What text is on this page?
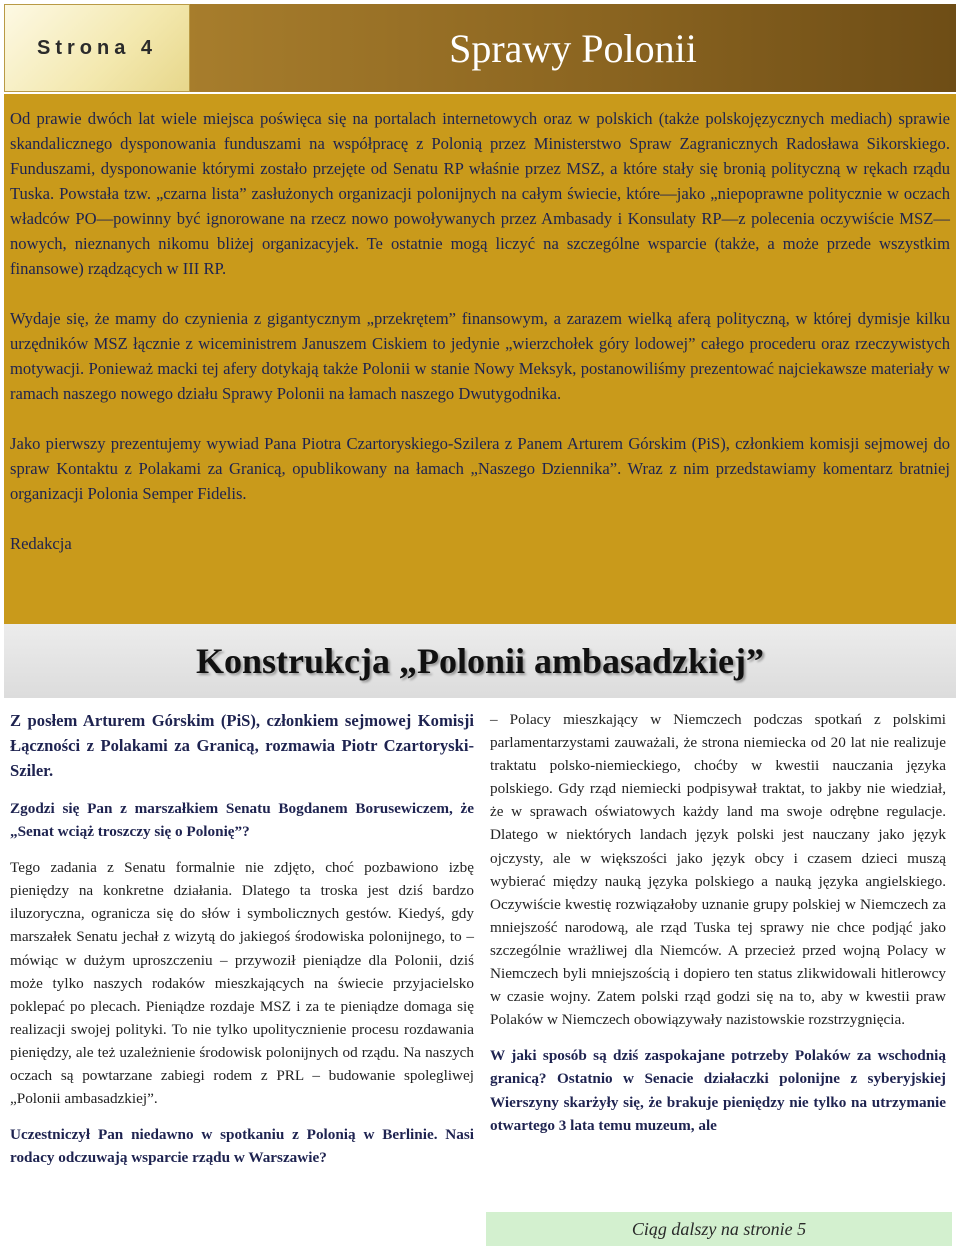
Strona 4	Sprawy Polonii

Od prawie dwóch lat wiele miejsca poświęca się na portalach internetowych oraz w polskich (także polskojęzycznych mediach) sprawie skandalicznego dysponowania funduszami na współpracę z Polonią przez Ministerstwo Spraw Zagranicznych Radosława Sikorskiego. Funduszami, dysponowanie którymi zostało przejęte od Senatu RP właśnie przez MSZ, a które stały się bronią polityczną w rękach rządu Tuska. Powstała tzw. „czarna lista” zasłużonych organizacji polonijnych na całym świecie, które—jako „niepoprawne politycznie w oczach władców PO—powinny być ignorowane na rzecz nowo powoływanych przez Ambasady i Konsulaty RP—z polecenia oczywiście MSZ—nowych, nieznanych nikomu bliżej organizacyjek. Te ostatnie mogą liczyć na szczególne wsparcie (także, a może przede wszystkim finansowe) rządzących w III RP.

Wydaje się, że mamy do czynienia z gigantycznym „przekrętem” finansowym, a zarazem wielką aferą polityczną, w której dymisje kilku urzędników MSZ łącznie z wiceministrem Januszem Ciskiem to jedynie „wierzchołek góry lodowej” całego procederu oraz rzeczywistych motywacji. Ponieważ macki tej afery dotykają także Polonii w stanie Nowy Meksyk, postanowiliśmy prezentować najciekawsze materiały w ramach naszego nowego działu Sprawy Polonii na łamach naszego Dwutygodnika.

Jako pierwszy prezentujemy wywiad Pana Piotra Czartoryskiego-Szilera z Panem Arturem Górskim (PiS), członkiem komisji sejmowej do spraw Kontaktu z Polakami za Granicą, opublikowany na łamach „Naszego Dziennika”. Wraz z nim przedstawiamy komentarz bratniej organizacji Polonia Semper Fidelis.

Redakcja

Konstrukcja „Polonii ambasadzkiej”

Z posłem Arturem Górskim (PiS), członkiem sejmowej Komisji Łączności z Polakami za Granicą, rozmawia Piotr Czartoryski-Sziler.

Zgodzi się Pan z marszałkiem Senatu Bogdanem Borusewiczem, że „Senat wciąż troszczy się o Polonię”?

Tego zadania z Senatu formalnie nie zdjęto, choć pozbawiono izbę pieniędzy na konkretne działania. Dlatego ta troska jest dziś bardzo iluzoryczna, ogranicza się do słów i symbolicznych gestów. Kiedyś, gdy marszałek Senatu jechał z wizytą do jakiegoś środowiska polonijnego, to – mówiąc w dużym uproszczeniu – przywoził pieniądze dla Polonii, dziś może tylko naszych rodaków mieszkających na świecie przyjacielsko poklepać po plecach. Pieniądze rozdaje MSZ i za te pieniądze domaga się realizacji swojej polityki. To nie tylko upolitycznienie procesu rozdawania pieniędzy, ale też uzależnienie środowisk polonijnych od rządu. Na naszych oczach są powtarzane zabiegi rodem z PRL – budowanie spolegliwej „Polonii ambasadzkiej”.

Uczestniczył Pan niedawno w spotkaniu z Polonią w Berlinie. Nasi rodacy odczuwają wsparcie rządu w Warszawie?

– Polacy mieszkający w Niemczech podczas spotkań z polskimi parlamentarzystami zauważali, że strona niemiecka od 20 lat nie realizuje traktatu polsko-niemieckiego, choćby w kwestii nauczania języka polskiego. Gdy rząd niemiecki podpisywał traktat, to jakby nie wiedział, że w sprawach oświatowych każdy land ma swoje odrębne regulacje. Dlatego w niektórych landach język polski jest nauczany jako język ojczysty, ale w większości jako język obcy i czasem dzieci muszą wybierać między nauką języka polskiego a nauką języka angielskiego. Oczywiście kwestię rozwiązałoby uznanie grupy polskiej w Niemczech za mniejszość narodową, ale rząd Tuska tej sprawy nie chce podjąć jako szczególnie wrażliwej dla Niemców. A przecież przed wojną Polacy w Niemczech byli mniejszością i dopiero ten status zlikwidowali hitlerowcy w czasie wojny. Zatem polski rząd godzi się na to, aby w kwestii praw Polaków w Niemczech obowiązywały nazistowskie rozstrzygnięcia.

W jaki sposób są dziś zaspokajane potrzeby Polaków za wschodnią granicą? Ostatnio w Senacie działaczki polonijne z syberyjskiej Wierszyny skarżyły się, że brakuje pieniędzy nie tylko na utrzymanie otwartego 3 lata temu muzeum, ale

Ciąg dalszy na stronie 5
